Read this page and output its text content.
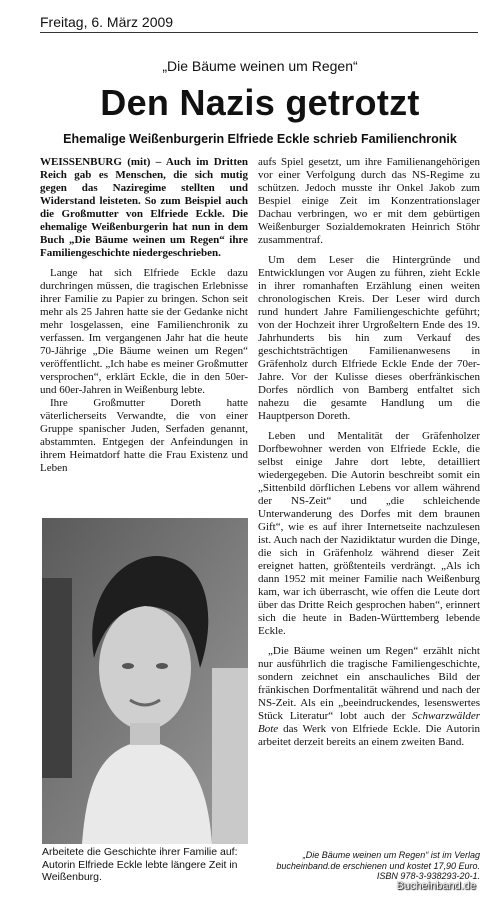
Freitag, 6. März 2009
„Die Bäume weinen um Regen“
Den Nazis getrotzt
Ehemalige Weißenburgerin Elfriede Eckle schrieb Familienchronik

WEISSENBURG (mit) – Auch im Dritten Reich gab es Menschen, die sich mutig gegen das Naziregime stellten und Widerstand leisteten. So zum Beispiel auch die Großmutter von Elfriede Eckle. Die ehemalige Weißenburgerin hat nun in dem Buch „Die Bäume weinen um Regen“ ihre Familiengeschichte niedergeschrieben.

Lange hat sich Elfriede Eckle dazu durchringen müssen, die tragischen Erlebnisse ihrer Familie zu Papier zu bringen. Schon seit mehr als 25 Jahren hatte sie der Gedanke nicht mehr losgelassen, eine Familienchronik zu verfassen. Im vergangenen Jahr hat die heute 70-Jährige „Die Bäume weinen um Regen“ veröffentlicht. „Ich habe es meiner Großmutter versprochen“, erklärt Eckle, die in den 50er- und 60er-Jahren in Weißenburg lebte.

Ihre Großmutter Doreth hatte väterlicherseits Verwandte, die von einer Gruppe spanischer Juden, Serfaden genannt, abstammten. Entgegen der Anfeindungen in ihrem Heimatdorf hatte die Frau Existenz und Leben

Arbeitete die Geschichte ihrer Familie auf: Autorin Elfriede Eckle lebte längere Zeit in Weißenburg.

aufs Spiel gesetzt, um ihre Familienangehörigen vor einer Verfolgung durch das NS-Regime zu schützen. Jedoch musste ihr Onkel Jakob zum Bespiel einige Zeit im Konzentrationslager Dachau verbringen, wo er mit dem gebürtigen Weißenburger Sozialdemokraten Heinrich Stöhr zusammentraf.

Um dem Leser die Hintergründe und Entwicklungen vor Augen zu führen, zieht Eckle in ihrer romanhaften Erzählung einen weiten chronologischen Kreis. Der Leser wird durch rund hundert Jahre Familiengeschichte geführt; von der Hochzeit ihrer Urgroßeltern Ende des 19. Jahrhunderts bis hin zum Verkauf des geschichtsträchtigen Familienanwesens in Gräfenholz durch Elfriede Eckle Ende der 70er-Jahre. Vor der Kulisse dieses oberfränkischen Dorfes nördlich von Bamberg entfaltet sich nahezu die gesamte Handlung um die Hauptperson Doreth.

Leben und Mentalität der Gräfenholzer Dorfbewohner werden von Elfriede Eckle, die selbst einige Jahre dort lebte, detailliert wiedergegeben. Die Autorin beschreibt somit ein „Sittenbild dörflichen Lebens vor allem während der NS-Zeit“ und „die schleichende Unterwanderung des Dorfes mit dem braunen Gift“, wie es auf ihrer Internetseite nachzulesen ist. Auch nach der Nazidiktatur wurden die Dinge, die sich in Gräfenholz während dieser Zeit ereignet hatten, größtenteils verdrängt. „Als ich dann 1952 mit meiner Familie nach Weißenburg kam, war ich überrascht, wie offen die Leute dort über das Dritte Reich gesprochen haben“, erinnert sich die heute in Baden-Württemberg lebende Eckle.

„Die Bäume weinen um Regen“ erzählt nicht nur ausführlich die tragische Familiengeschichte, sondern zeichnet ein anschauliches Bild der fränkischen Dorfmentalität während und nach der NS-Zeit. Als ein „beeindruckendes, lesenswertes Stück Literatur“ lobt auch der Schwarzwälder Bote das Werk von Elfriede Eckle. Die Autorin arbeitet derzeit bereits an einem zweiten Band.

„Die Bäume weinen um Regen“ ist im Verlag bucheinband.de erschienen und kostet 17,90 Euro. ISBN 978-3-938293-20-1.
Bucheinband.de
